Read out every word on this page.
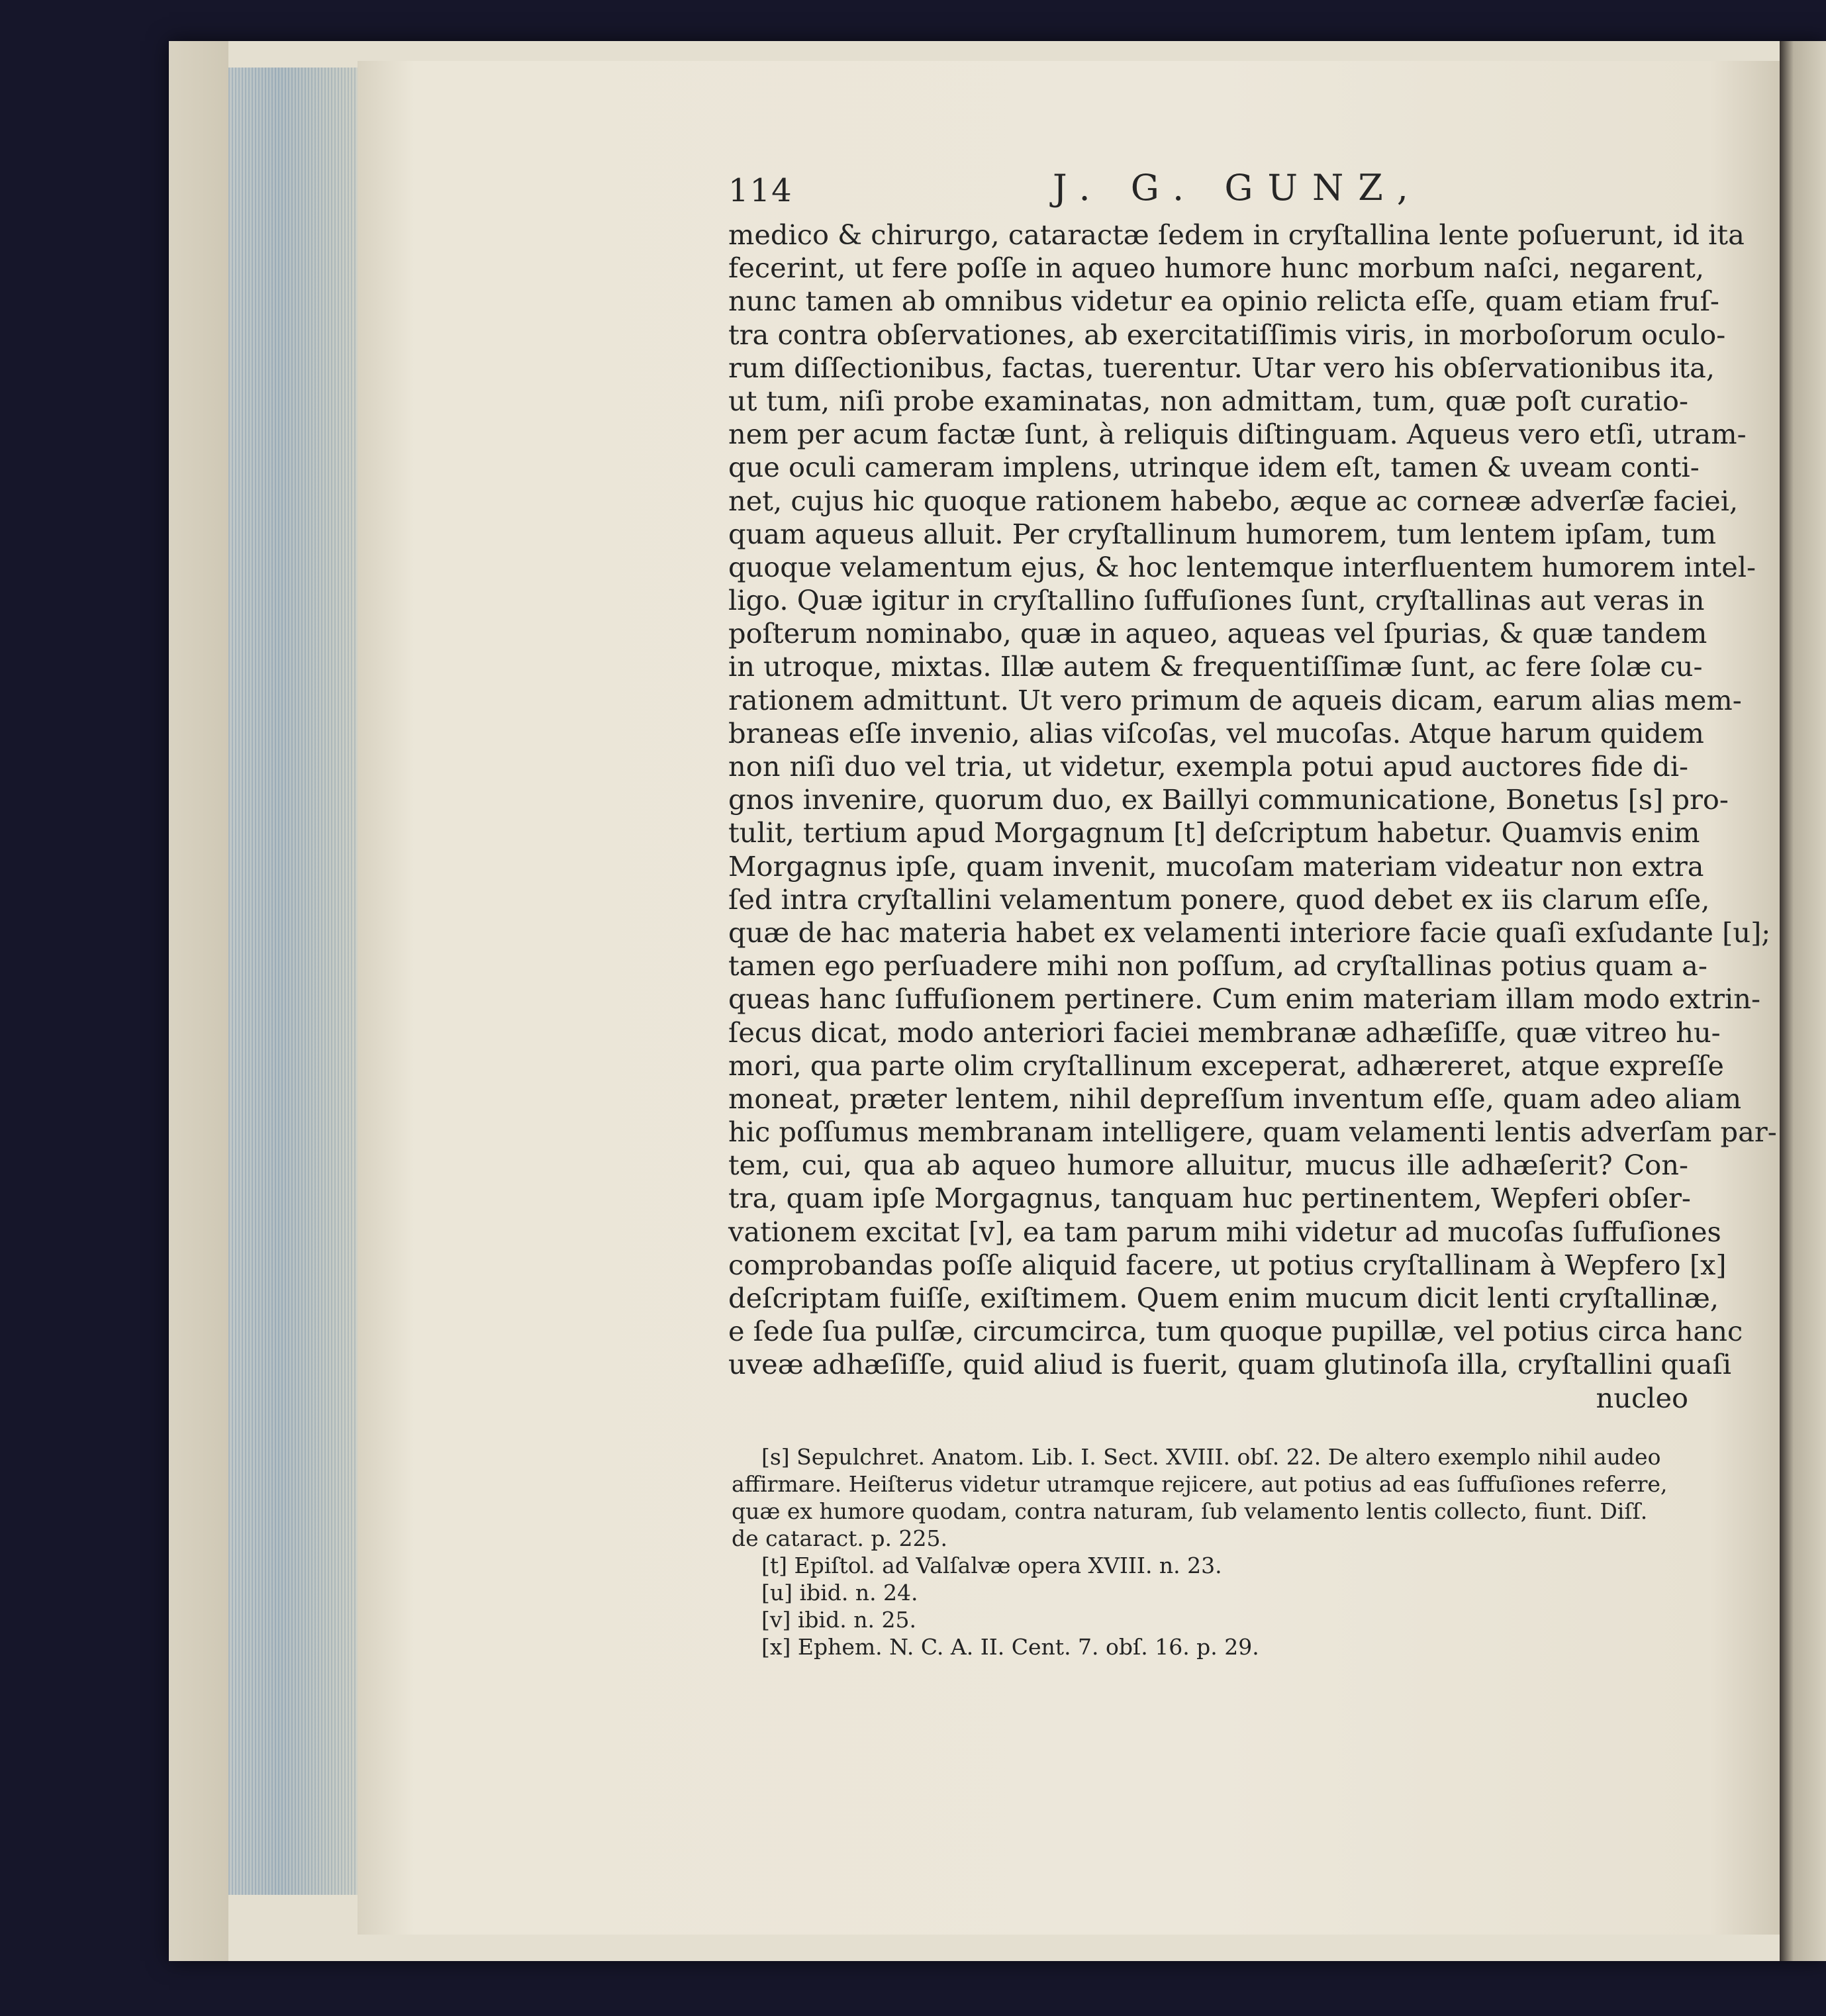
114	J. G. GUNZ,
medico & chirurgo, cataractæ ſedem in cryſtallina lente poſuerunt, id ita
fecerint, ut fere poſſe in aqueo humore hunc morbum naſci, negarent,
nunc tamen ab omnibus videtur ea opinio relicta eſſe, quam etiam fruſ-
tra contra obſervationes, ab exercitatiſſimis viris, in morboſorum oculo-
rum diſſectionibus, factas, tuerentur. Utar vero his obſervationibus ita,
ut tum, niſi probe examinatas, non admittam, tum, quæ poſt curatio-
nem per acum factæ ſunt, à reliquis diſtinguam. Aqueus vero etſi, utram-
que oculi cameram implens, utrinque idem eſt, tamen & uveam conti-
net, cujus hic quoque rationem habebo, æque ac corneæ adverſæ faciei,
quam aqueus alluit. Per cryſtallinum humorem, tum lentem ipſam, tum
quoque velamentum ejus, & hoc lentemque interfluentem humorem intel-
ligo. Quæ igitur in cryſtallino ſuffuſiones ſunt, cryſtallinas aut veras in
poſterum nominabo, quæ in aqueo, aqueas vel ſpurias, & quæ tandem
in utroque, mixtas. Illæ autem & frequentiſſimæ ſunt, ac fere ſolæ cu-
rationem admittunt. Ut vero primum de aqueis dicam, earum alias mem-
braneas eſſe invenio, alias viſcoſas, vel mucoſas. Atque harum quidem
non niſi duo vel tria, ut videtur, exempla potui apud auctores fide di-
gnos invenire, quorum duo, ex Baillyi communicatione, Bonetus [s] pro-
tulit, tertium apud Morgagnum [t] deſcriptum habetur. Quamvis enim
Morgagnus ipſe, quam invenit, mucoſam materiam videatur non extra
ſed intra cryſtallini velamentum ponere, quod debet ex iis clarum eſſe,
quæ de hac materia habet ex velamenti interiore facie quaſi exſudante [u];
tamen ego perſuadere mihi non poſſum, ad cryſtallinas potius quam a-
queas hanc ſuffuſionem pertinere. Cum enim materiam illam modo extrin-
ſecus dicat, modo anteriori faciei membranæ adhæſiſſe, quæ vitreo hu-
mori, qua parte olim cryſtallinum exceperat, adhæreret, atque expreſſe
moneat, præter lentem, nihil depreſſum inventum eſſe, quam adeo aliam
hic poſſumus membranam intelligere, quam velamenti lentis adverſam par-
tem, cui, qua ab aqueo humore alluitur, mucus ille adhæſerit? Con-
tra, quam ipſe Morgagnus, tanquam huc pertinentem, Wepferi obſer-
vationem excitat [v], ea tam parum mihi videtur ad mucoſas ſuffuſiones
comprobandas poſſe aliquid facere, ut potius cryſtallinam à Wepfero [x]
deſcriptam fuiſſe, exiſtimem. Quem enim mucum dicit lenti cryſtallinæ,
e ſede ſua pulſæ, circumcirca, tum quoque pupillæ, vel potius circa hanc
uveæ adhæſiſſe, quid aliud is fuerit, quam glutinoſa illa, cryſtallini quaſi
nucleo
[s] Sepulchret. Anatom. Lib. I. Sect. XVIII. obſ. 22. De altero exemplo nihil audeo
affirmare. Heiſterus videtur utramque rejicere, aut potius ad eas ſuffuſiones referre,
quæ ex humore quodam, contra naturam, ſub velamento lentis collecto, fiunt. Diſſ.
de cataract. p. 225.
[t] Epiſtol. ad Valſalvæ opera XVIII. n. 23.
[u] ibid. n. 24.
[v] ibid. n. 25.
[x] Ephem. N. C. A. II. Cent. 7. obſ. 16. p. 29.
